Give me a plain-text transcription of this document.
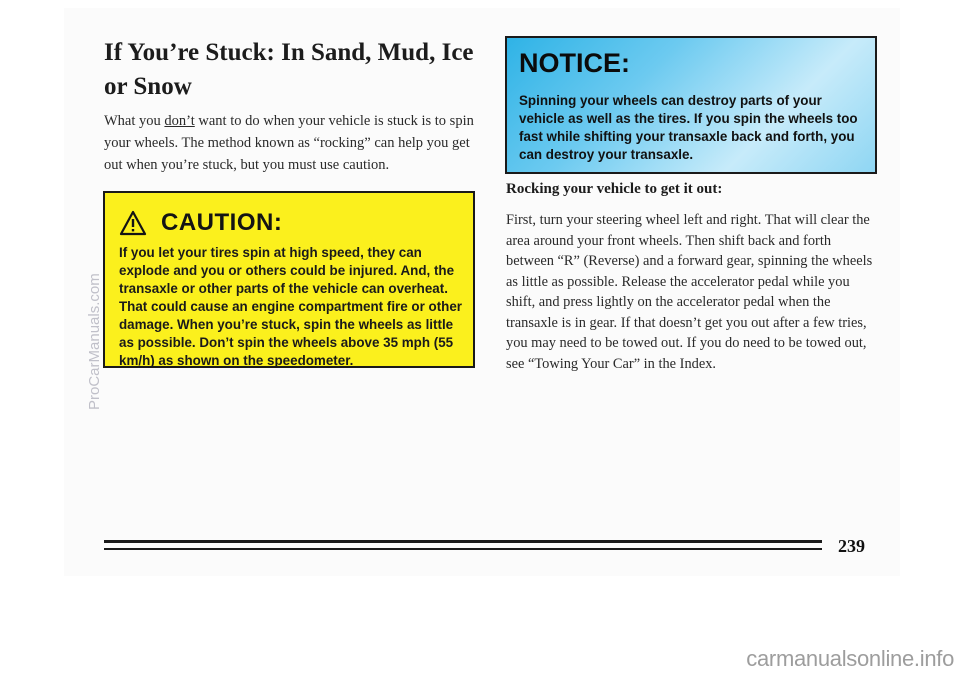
If You’re Stuck: In Sand, Mud, Ice or Snow

What you don’t want to do when your vehicle is stuck is to spin your wheels. The method known as “rocking” can help you get out when you’re stuck, but you must use caution.

CAUTION:

If you let your tires spin at high speed, they can explode and you or others could be injured. And, the transaxle or other parts of the vehicle can overheat. That could cause an engine compartment fire or other damage. When you’re stuck, spin the wheels as little as possible. Don’t spin the wheels above 35 mph (55 km/h) as shown on the speedometer.

NOTICE:

Spinning your wheels can destroy parts of your vehicle as well as the tires. If you spin the wheels too fast while shifting your transaxle back and forth, you can destroy your transaxle.

Rocking your vehicle to get it out:

First, turn your steering wheel left and right. That will clear the area around your front wheels. Then shift back and forth between “R” (Reverse) and a forward gear, spinning the wheels as little as possible. Release the accelerator pedal while you shift, and press lightly on the accelerator pedal when the transaxle is in gear. If that doesn’t get you out after a few tries, you may need to be towed out. If you do need to be towed out, see “Towing Your Car” in the Index.

239

ProCarManuals.com

carmanualsonline.info
